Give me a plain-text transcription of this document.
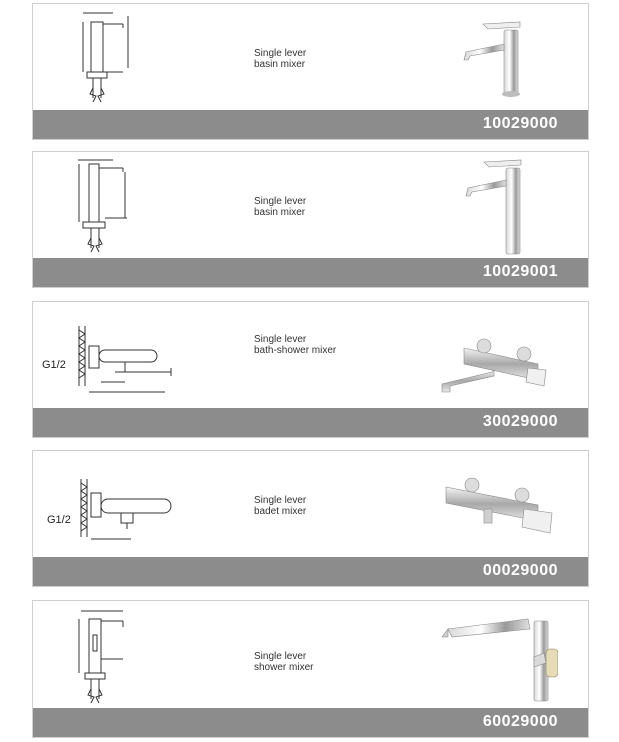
Single lever
basin mixer
10029000
Single lever
basin mixer
10029001
G1/2
Single lever
bath-shower mixer
30029000
G1/2
Single lever
badet mixer
00029000
Single lever
shower mixer
60029000
